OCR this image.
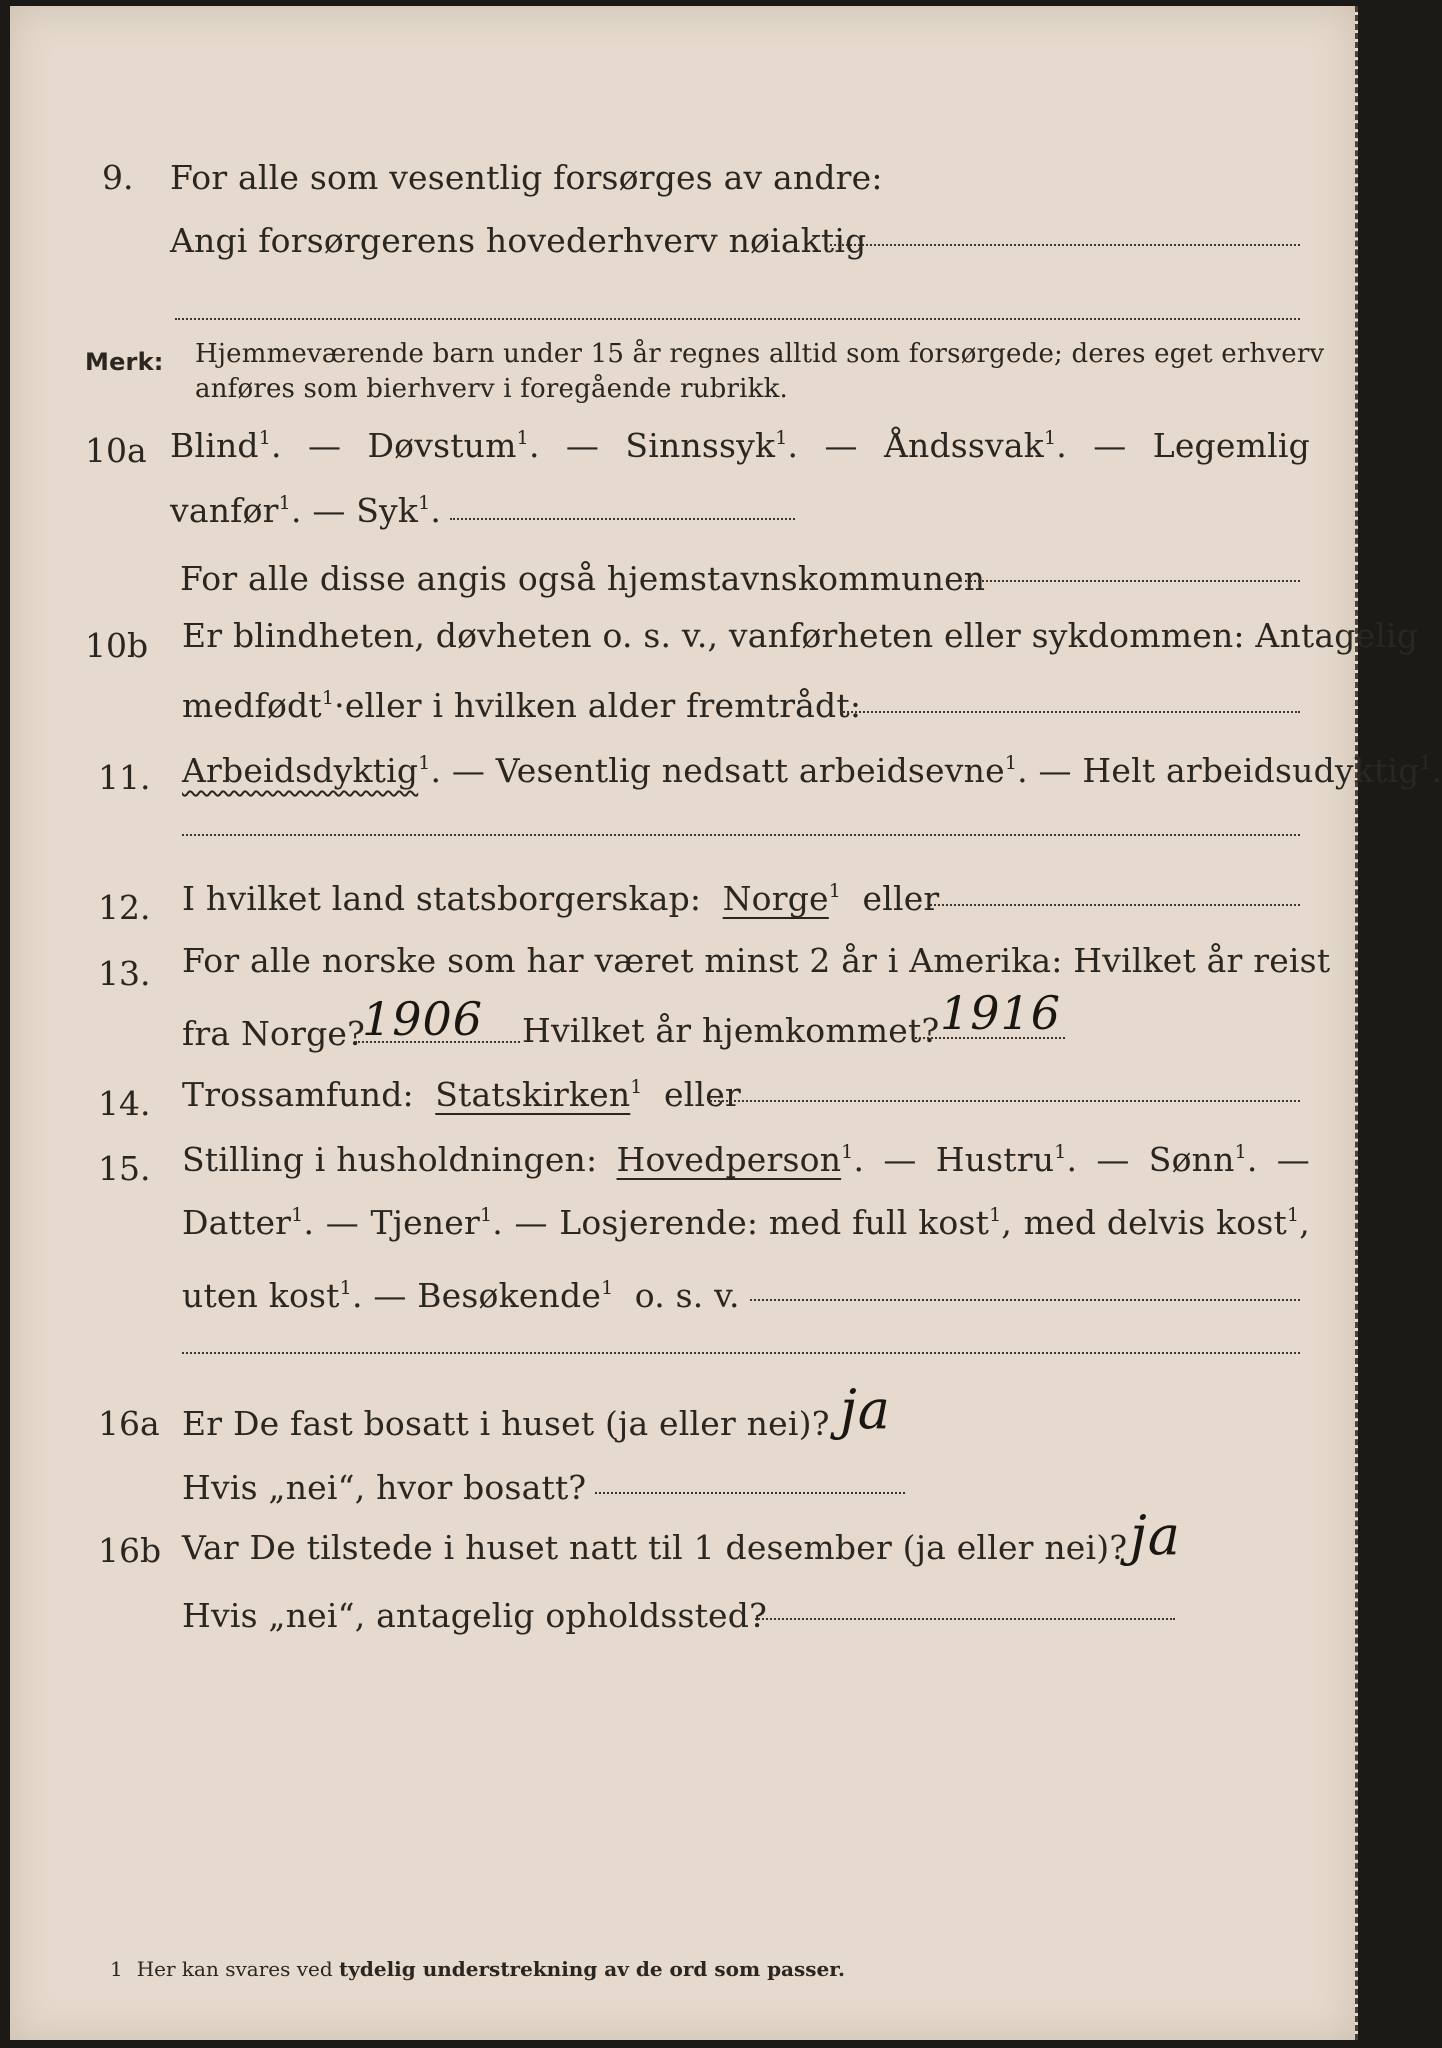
9. For alle som vesentlig forsørges av andre:
Angi forsørgerens hovederhverv nøiaktig
Merk:	Hjemmeværende barn under 15 år regnes alltid som forsørgede; deres eget erhverv
anføres som bierhverv i foregående rubrikk.
10a Blind$^1$. — Døvstum$^1$. — Sinnssyk$^1$. — Åndssvak$^1$. — Legemlig
vanfør$^1$. — Syk$^1$.
For alle disse angis også hjemstavnskommunen
10b Er blindheten, døvheten o. s. v., vanførheten eller sykdommen: Antagelig
medfødt$^1$·eller i hvilken alder fremtrådt:
11. Arbeidsdyktig$^1$. — Vesentlig nedsatt arbeidsevne$^1$. — Helt arbeidsudyktig$^1$.
12. I hvilket land statsborgerskap: Norge$^1$ eller
13. For alle norske som har været minst 2 år i Amerika: Hvilket år reist
fra Norge?
1906 Hvilket år hjemkommet? 1916
14. Trossamfund: Statskirken$^1$ eller
15. Stilling i husholdningen: Hovedperson$^1$. — Hustru$^1$. — Sønn$^1$. —
Datter$^1$. — Tjener$^1$. — Losjerende: med full kost$^1$, med delvis kost$^1$,
uten kost$^1$. — Besøkende$^1$ o. s. v.
16a Er De fast bosatt i huset (ja eller nei)? ja
Hvis „nei“, hvor bosatt?
16b Var De tilstede i huset natt til 1 desember (ja eller nei)? ja
Hvis „nei“, antagelig opholdssted?
1 Her kan svares ved tydelig understrekning av de ord som passer.
